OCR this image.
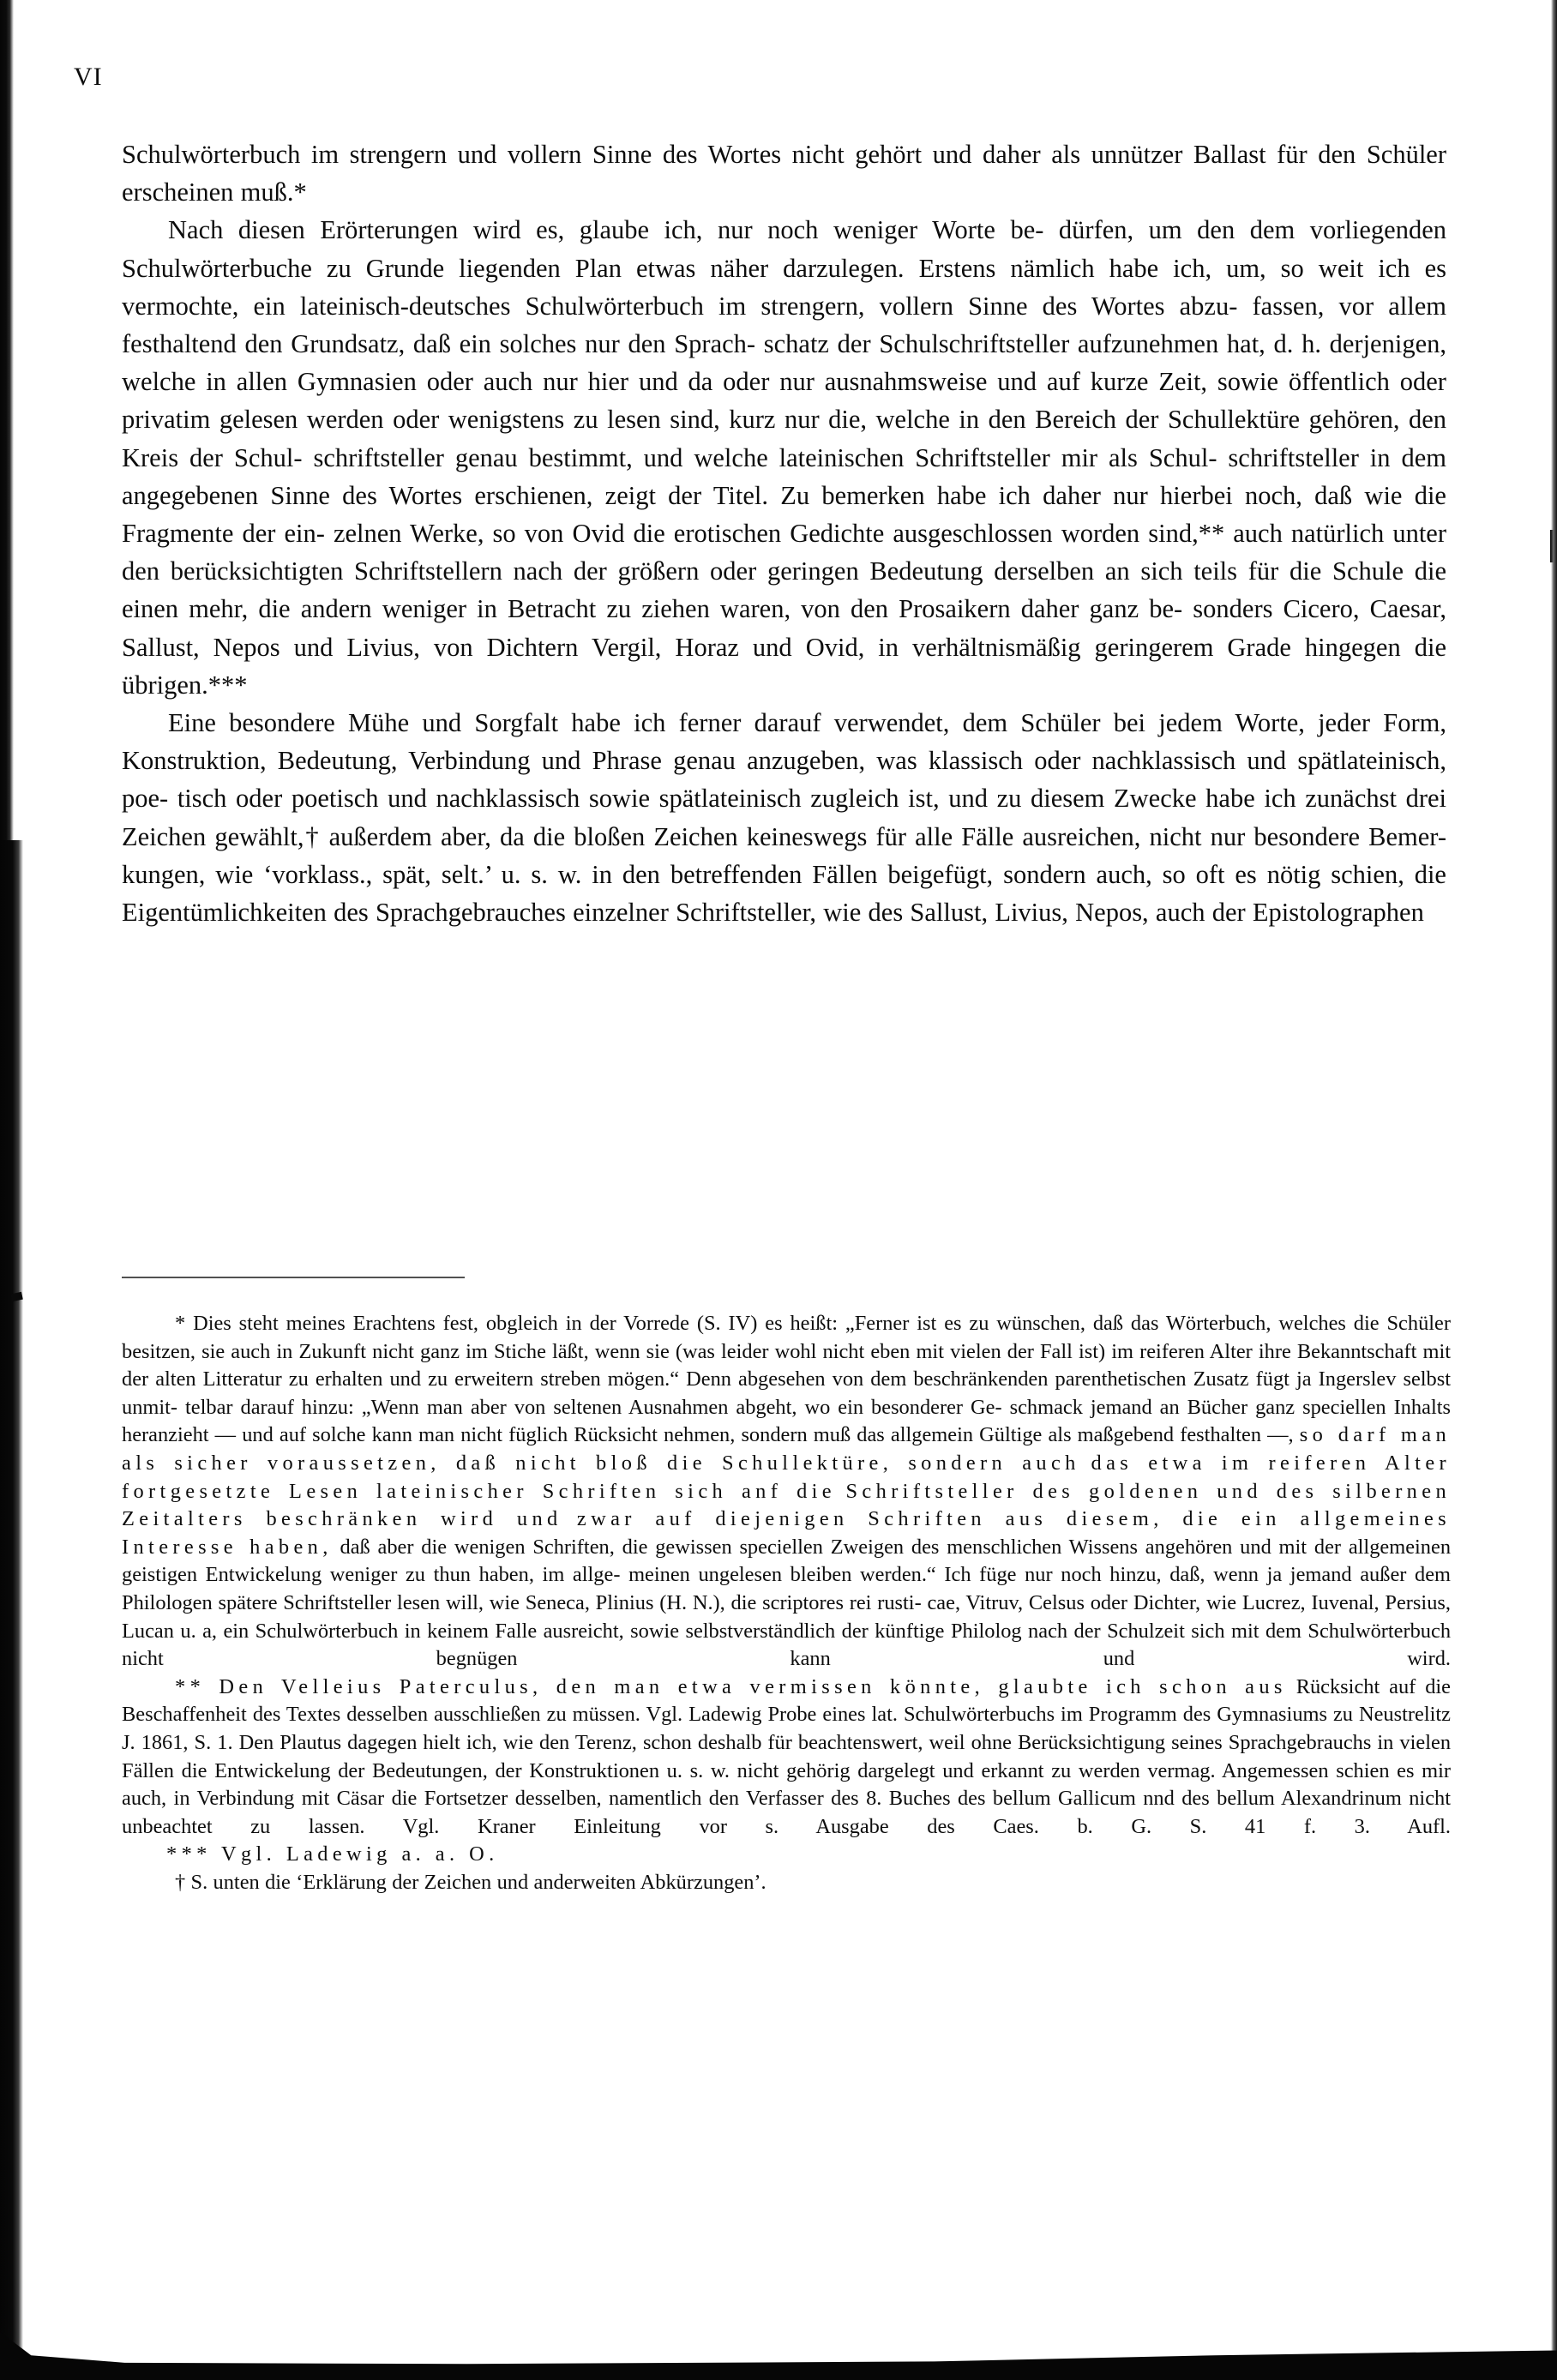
VI

Schulwörterbuch im strengern und vollern Sinne des Wortes nicht gehört und daher als unnützer Ballast für den Schüler erscheinen muß.*

Nach diesen Erörterungen wird es, glaube ich, nur noch weniger Worte be- dürfen, um den dem vorliegenden Schulwörterbuche zu Grunde liegenden Plan etwas näher darzulegen. Erstens nämlich habe ich, um, so weit ich es vermochte, ein lateinisch-deutsches Schulwörterbuch im strengern, vollern Sinne des Wortes abzu- fassen, vor allem festhaltend den Grundsatz, daß ein solches nur den Sprach- schatz der Schulschriftsteller aufzunehmen hat, d. h. derjenigen, welche in allen Gymnasien oder auch nur hier und da oder nur ausnahmsweise und auf kurze Zeit, sowie öffentlich oder privatim gelesen werden oder wenigstens zu lesen sind, kurz nur die, welche in den Bereich der Schullektüre gehören, den Kreis der Schul- schriftsteller genau bestimmt, und welche lateinischen Schriftsteller mir als Schul- schriftsteller in dem angegebenen Sinne des Wortes erschienen, zeigt der Titel. Zu bemerken habe ich daher nur hierbei noch, daß wie die Fragmente der ein- zelnen Werke, so von Ovid die erotischen Gedichte ausgeschlossen worden sind,** auch natürlich unter den berücksichtigten Schriftstellern nach der größern oder geringen Bedeutung derselben an sich teils für die Schule die einen mehr, die andern weniger in Betracht zu ziehen waren, von den Prosaikern daher ganz be- sonders Cicero, Caesar, Sallust, Nepos und Livius, von Dichtern Vergil, Horaz und Ovid, in verhältnismäßig geringerem Grade hingegen die übrigen.***

Eine besondere Mühe und Sorgfalt habe ich ferner darauf verwendet, dem Schüler bei jedem Worte, jeder Form, Konstruktion, Bedeutung, Verbindung und Phrase genau anzugeben, was klassisch oder nachklassisch und spätlateinisch, poe- tisch oder poetisch und nachklassisch sowie spätlateinisch zugleich ist, und zu diesem Zwecke habe ich zunächst drei Zeichen gewählt,† außerdem aber, da die bloßen Zeichen keineswegs für alle Fälle ausreichen, nicht nur besondere Bemer- kungen, wie ‘vorklass., spät, selt.’ u. s. w. in den betreffenden Fällen beigefügt, sondern auch, so oft es nötig schien, die Eigentümlichkeiten des Sprachgebrauches einzelner Schriftsteller, wie des Sallust, Livius, Nepos, auch der Epistolographen

* Dies steht meines Erachtens fest, obgleich in der Vorrede (S. IV) es heißt: „Ferner ist es zu wünschen, daß das Wörterbuch, welches die Schüler besitzen, sie auch in Zukunft nicht ganz im Stiche läßt, wenn sie (was leider wohl nicht eben mit vielen der Fall ist) im reiferen Alter ihre Bekanntschaft mit der alten Litteratur zu erhalten und zu erweitern streben mögen.“ Denn abgesehen von dem beschränkenden parenthetischen Zusatz fügt ja Ingerslev selbst unmit- telbar darauf hinzu: „Wenn man aber von seltenen Ausnahmen abgeht, wo ein besonderer Ge- schmack jemand an Bücher ganz speciellen Inhalts heranzieht — und auf solche kann man nicht füglich Rücksicht nehmen, sondern muß das allgemein Gültige als maßgebend festhalten —, so darf man als sicher voraussetzen, daß nicht bloß die Schullektüre, sondern auch das etwa im reiferen Alter fortgesetzte Lesen lateinischer Schriften sich anf die Schriftsteller des goldenen und des silbernen Zeitalters beschränken wird und zwar auf diejenigen Schriften aus diesem, die ein allgemeines Interesse haben, daß aber die wenigen Schriften, die gewissen speciellen Zweigen des menschlichen Wissens angehören und mit der allgemeinen geistigen Entwickelung weniger zu thun haben, im allge- meinen ungelesen bleiben werden.“ Ich füge nur noch hinzu, daß, wenn ja jemand außer dem Philologen spätere Schriftsteller lesen will, wie Seneca, Plinius (H. N.), die scriptores rei rusti- cae, Vitruv, Celsus oder Dichter, wie Lucrez, Iuvenal, Persius, Lucan u. a, ein Schulwörterbuch in keinem Falle ausreicht, sowie selbstverständlich der künftige Philolog nach der Schulzeit sich mit dem Schulwörterbuch nicht begnügen kann und wird.

** Den Velleius Paterculus, den man etwa vermissen könnte, glaubte ich schon aus Rücksicht auf die Beschaffenheit des Textes desselben ausschließen zu müssen. Vgl. Ladewig Probe eines lat. Schulwörterbuchs im Programm des Gymnasiums zu Neustrelitz J. 1861, S. 1. Den Plautus dagegen hielt ich, wie den Terenz, schon deshalb für beachtenswert, weil ohne Berücksichtigung seines Sprachgebrauchs in vielen Fällen die Entwickelung der Bedeutungen, der Konstruktionen u. s. w. nicht gehörig dargelegt und erkannt zu werden vermag. Angemessen schien es mir auch, in Verbindung mit Cäsar die Fortsetzer desselben, namentlich den Verfasser des 8. Buches des bellum Gallicum nnd des bellum Alexandrinum nicht unbeachtet zu lassen. Vgl. Kraner Einleitung vor s. Ausgabe des Caes. b. G. S. 41 f. 3. Aufl.

*** Vgl. Ladewig a. a. O.

† S. unten die ‘Erklärung der Zeichen und anderweiten Abkürzungen’.
